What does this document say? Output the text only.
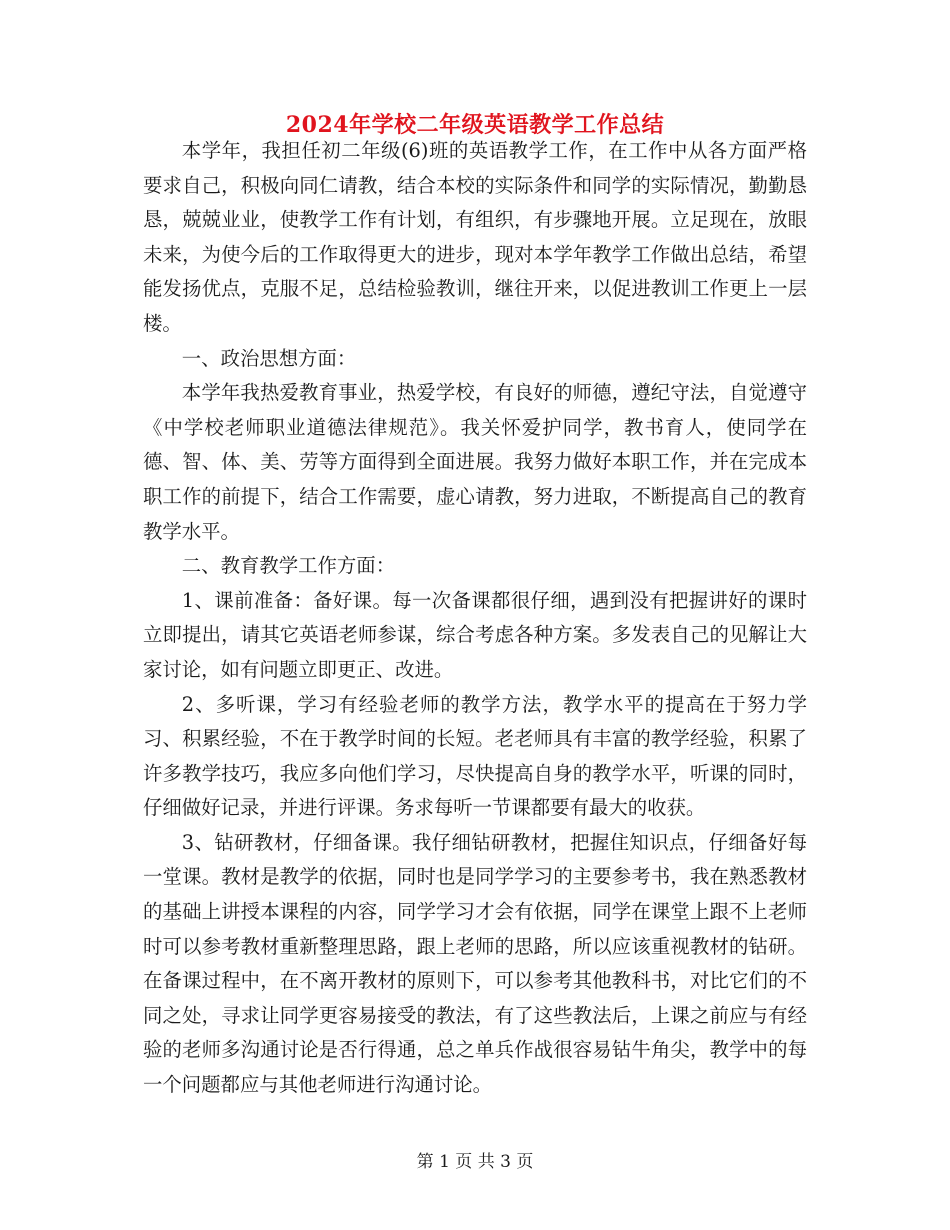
2024年学校二年级英语教学工作总结

本学年，我担任初二年级(6)班的英语教学工作，在工作中从各方面严格要求自己，积极向同仁请教，结合本校的实际条件和同学的实际情况，勤勤恳恳，兢兢业业，使教学工作有计划，有组织，有步骤地开展。立足现在，放眼未来，为使今后的工作取得更大的进步，现对本学年教学工作做出总结，希望能发扬优点，克服不足，总结检验教训，继往开来，以促进教训工作更上一层楼。

一、政治思想方面：

本学年我热爱教育事业，热爱学校，有良好的师德，遵纪守法，自觉遵守《中学校老师职业道德法律规范》。我关怀爱护同学，教书育人，使同学在德、智、体、美、劳等方面得到全面进展。我努力做好本职工作，并在完成本职工作的前提下，结合工作需要，虚心请教，努力进取，不断提高自己的教育教学水平。

二、教育教学工作方面：

1、课前准备：备好课。每一次备课都很仔细，遇到没有把握讲好的课时立即提出，请其它英语老师参谋，综合考虑各种方案。多发表自己的见解让大家讨论，如有问题立即更正、改进。

2、多听课，学习有经验老师的教学方法，教学水平的提高在于努力学习、积累经验，不在于教学时间的长短。老老师具有丰富的教学经验，积累了许多教学技巧，我应多向他们学习，尽快提高自身的教学水平，听课的同时，仔细做好记录，并进行评课。务求每听一节课都要有最大的收获。

3、钻研教材，仔细备课。我仔细钻研教材，把握住知识点，仔细备好每一堂课。教材是教学的依据，同时也是同学学习的主要参考书，我在熟悉教材的基础上讲授本课程的内容，同学学习才会有依据，同学在课堂上跟不上老师时可以参考教材重新整理思路，跟上老师的思路，所以应该重视教材的钻研。在备课过程中，在不离开教材的原则下，可以参考其他教科书，对比它们的不同之处，寻求让同学更容易接受的教法，有了这些教法后，上课之前应与有经验的老师多沟通讨论是否行得通，总之单兵作战很容易钻牛角尖，教学中的每一个问题都应与其他老师进行沟通讨论。

第 1 页 共 3 页
